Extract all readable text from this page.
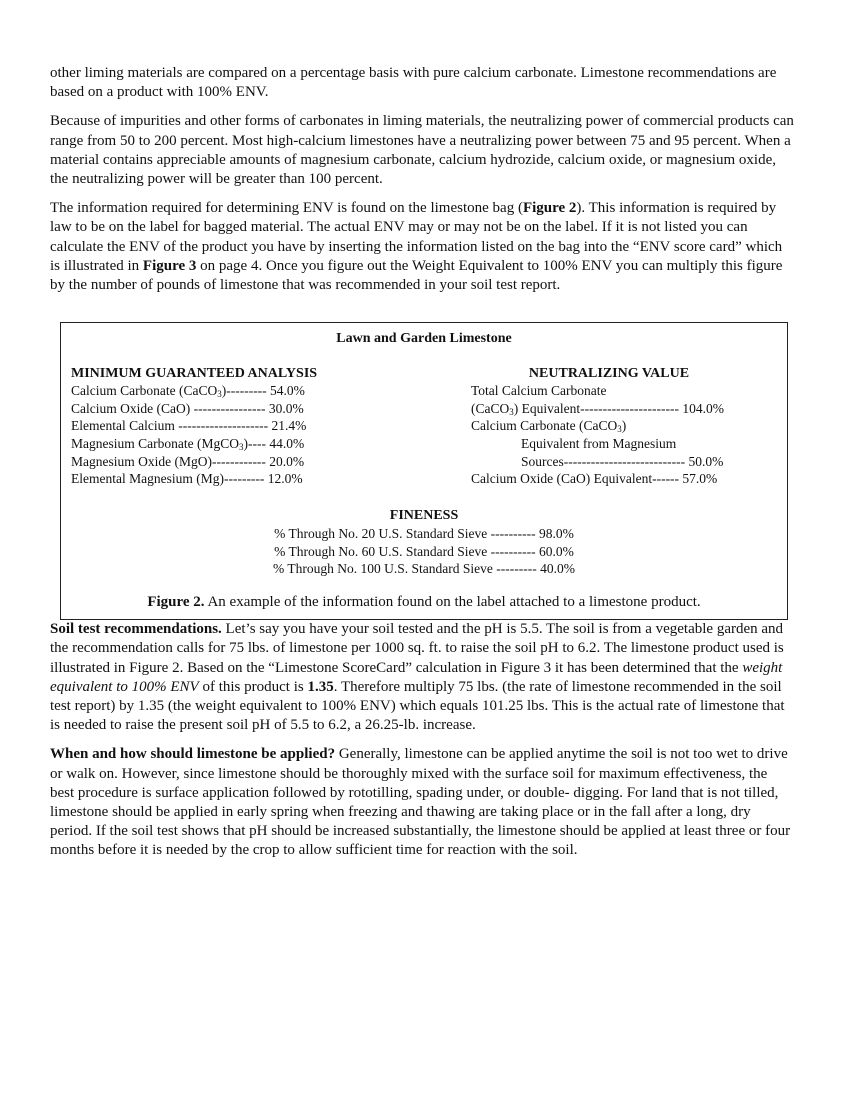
other liming materials are compared on a percentage basis with pure calcium carbonate. Limestone recommendations are based on a product with 100% ENV.

Because of impurities and other forms of carbonates in liming materials, the neutralizing power of commercial products can range from 50 to 200 percent. Most high-calcium limestones have a neutralizing power between 75 and 95 percent. When a material contains appreciable amounts of magnesium carbonate, calcium hydrozide, calcium oxide, or magnesium oxide, the neutralizing power will be greater than 100 percent.

The information required for determining ENV is found on the limestone bag (Figure 2). This information is required by law to be on the label for bagged material. The actual ENV may or may not be on the label. If it is not listed you can calculate the ENV of the product you have by inserting the information listed on the bag into the “ENV score card” which is illustrated in Figure 3 on page 4. Once you figure out the Weight Equivalent to 100% ENV you can multiply this figure by the number of pounds of limestone that was recommended in your soil test report.

Lawn and Garden Limestone
MINIMUM GUARANTEED ANALYSIS
Calcium Carbonate (CaCO$_3$)--------- 54.0%
Calcium Oxide (CaO) ---------------- 30.0%
Elemental Calcium -------------------- 21.4%
Magnesium Carbonate (MgCO$_3$)---- 44.0%
Magnesium Oxide (MgO)------------ 20.0%
Elemental Magnesium (Mg)--------- 12.0%
NEUTRALIZING VALUE
Total Calcium Carbonate
(CaCO$_3$) Equivalent---------------------- 104.0%
Calcium Carbonate (CaCO$_3$)
Equivalent from Magnesium
Sources--------------------------- 50.0%
Calcium Oxide (CaO) Equivalent------ 57.0%
FINENESS
% Through No. 20 U.S. Standard Sieve ---------- 98.0%
% Through No. 60 U.S. Standard Sieve ---------- 60.0%
% Through No. 100 U.S. Standard Sieve --------- 40.0%
Figure 2. An example of the information found on the label attached to a limestone product.

Soil test recommendations. Let’s say you have your soil tested and the pH is 5.5. The soil is from a vegetable garden and the recommendation calls for 75 lbs. of limestone per 1000 sq. ft. to raise the soil pH to 6.2. The limestone product used is illustrated in Figure 2. Based on the “Limestone ScoreCard” calculation in Figure 3 it has been determined that the weight equivalent to 100% ENV of this product is 1.35. Therefore multiply 75 lbs. (the rate of limestone recommended in the soil test report) by 1.35 (the weight equivalent to 100% ENV) which equals 101.25 lbs. This is the actual rate of limestone that is needed to raise the present soil pH of 5.5 to 6.2, a 26.25-lb. increase.

When and how should limestone be applied? Generally, limestone can be applied anytime the soil is not too wet to drive or walk on. However, since limestone should be thoroughly mixed with the surface soil for maximum effectiveness, the best procedure is surface application followed by rototilling, spading under, or double- digging. For land that is not tilled, limestone should be applied in early spring when freezing and thawing are taking place or in the fall after a long, dry period. If the soil test shows that pH should be increased substantially, the limestone should be applied at least three or four months before it is needed by the crop to allow sufficient time for reaction with the soil.
